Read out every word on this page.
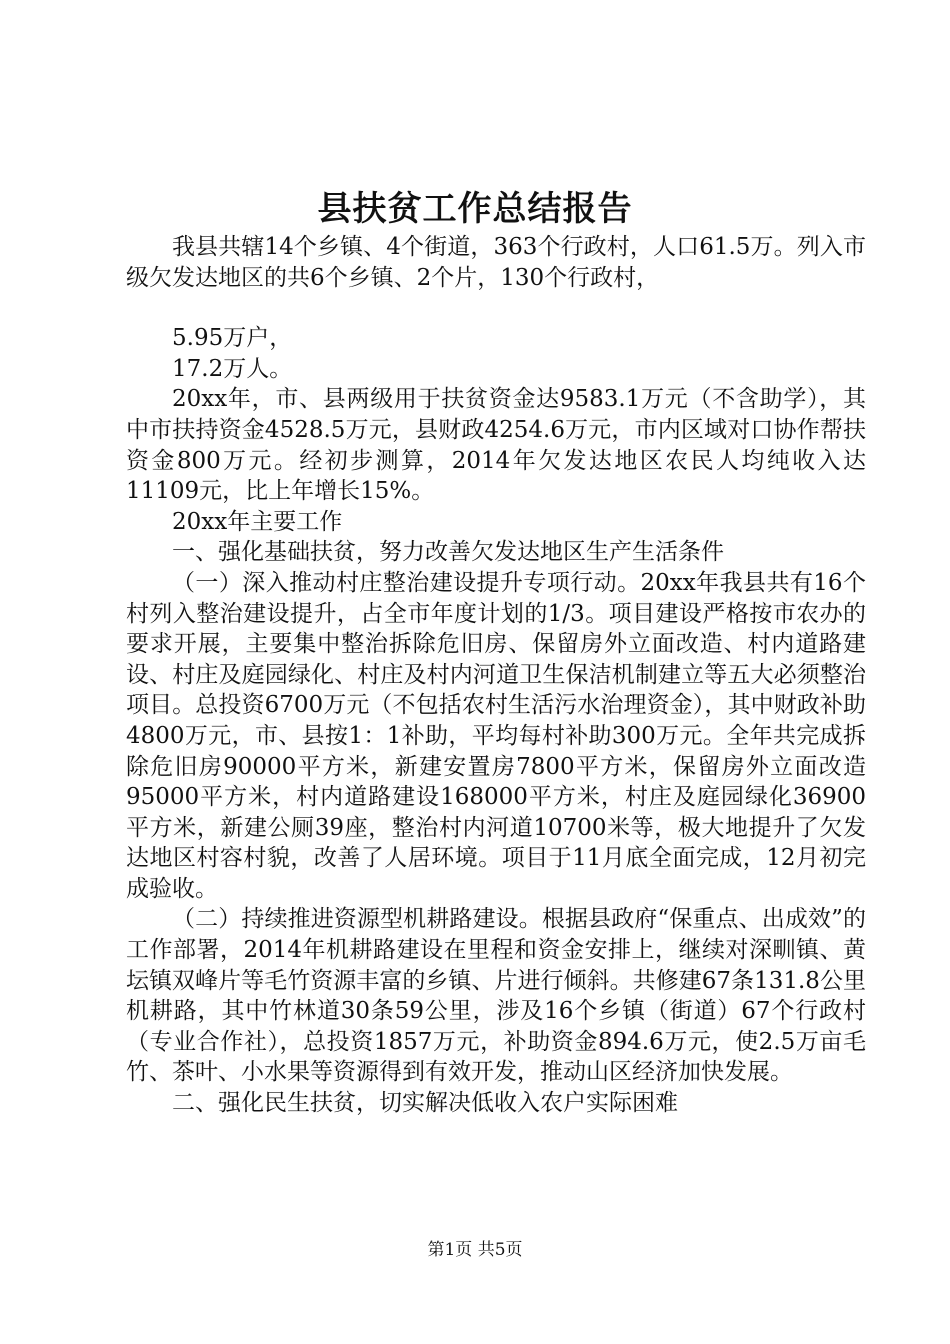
县扶贫工作总结报告

我县共辖14个乡镇、4个街道，363个行政村，人口61.5万。列入市级欠发达地区的共6个乡镇、2个片，130个行政村，

5.95万户，

17.2万人。

20xx年，市、县两级用于扶贫资金达9583.1万元（不含助学），其中市扶持资金4528.5万元，县财政4254.6万元，市内区域对口协作帮扶资金800万元。经初步测算，2014年欠发达地区农民人均纯收入达11109元，比上年增长15%。

20xx年主要工作

一、强化基础扶贫，努力改善欠发达地区生产生活条件

（一）深入推动村庄整治建设提升专项行动。20xx年我县共有16个村列入整治建设提升，占全市年度计划的1/3。项目建设严格按市农办的要求开展，主要集中整治拆除危旧房、保留房外立面改造、村内道路建设、村庄及庭园绿化、村庄及村内河道卫生保洁机制建立等五大必须整治项目。总投资6700万元（不包括农村生活污水治理资金），其中财政补助4800万元，市、县按1：1补助，平均每村补助300万元。全年共完成拆除危旧房90000平方米，新建安置房7800平方米，保留房外立面改造95000平方米，村内道路建设168000平方米，村庄及庭园绿化36900平方米，新建公厕39座，整治村内河道10700米等，极大地提升了欠发达地区村容村貌，改善了人居环境。项目于11月底全面完成，12月初完成验收。

（二）持续推进资源型机耕路建设。根据县政府“保重点、出成效”的工作部署，2014年机耕路建设在里程和资金安排上，继续对深甽镇、黄坛镇双峰片等毛竹资源丰富的乡镇、片进行倾斜。共修建67条131.8公里机耕路，其中竹林道30条59公里，涉及16个乡镇（街道）67个行政村（专业合作社），总投资1857万元，补助资金894.6万元，使2.5万亩毛竹、茶叶、小水果等资源得到有效开发，推动山区经济加快发展。

二、强化民生扶贫，切实解决低收入农户实际困难

第1页 共5页
